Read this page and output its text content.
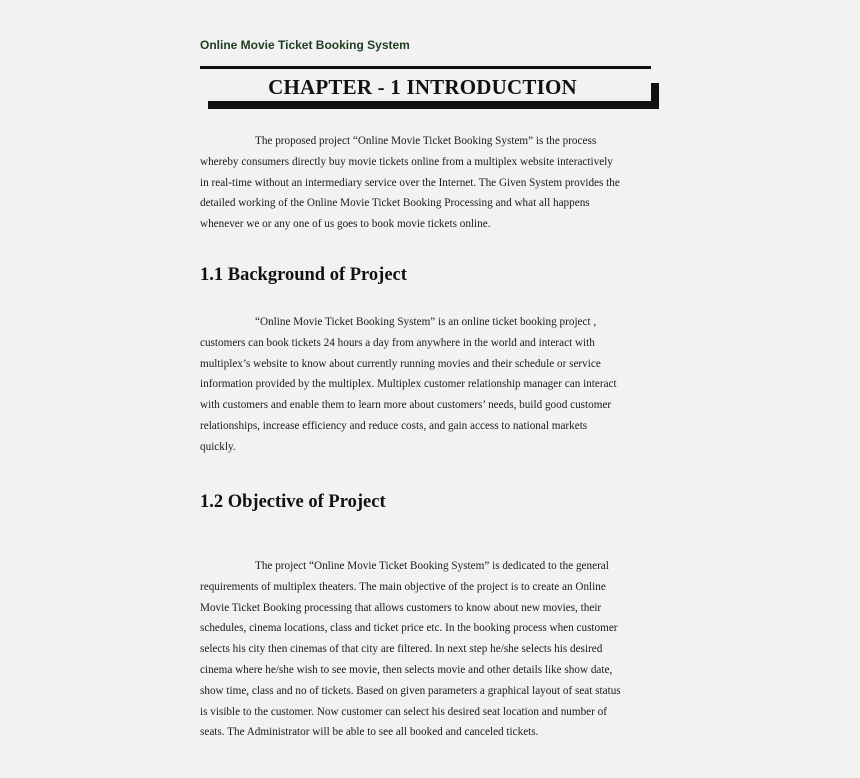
Online Movie Ticket Booking System
CHAPTER - 1 INTRODUCTION

The proposed project “Online Movie Ticket Booking System” is the process
whereby consumers directly buy movie tickets online from a multiplex website interactively
in real-time without an intermediary service over the Internet. The Given System provides the
detailed working of the Online Movie Ticket Booking Processing and what all happens
whenever we or any one of us goes to book movie tickets online.

1.1 Background of Project

“Online Movie Ticket Booking System” is an online ticket booking project ,
customers can book tickets 24 hours a day from anywhere in the world and interact with
multiplex’s website to know about currently running movies and their schedule or service
information provided by the multiplex. Multiplex customer relationship manager can interact
with customers and enable them to learn more about customers’ needs, build good customer
relationships, increase efficiency and reduce costs, and gain access to national markets
quickly.

1.2 Objective of Project

The project “Online Movie Ticket Booking System” is dedicated to the general
requirements of multiplex theaters. The main objective of the project is to create an Online
Movie Ticket Booking processing that allows customers to know about new movies, their
schedules, cinema locations, class and ticket price etc. In the booking process when customer
selects his city then cinemas of that city are filtered. In next step he/she selects his desired
cinema where he/she wish to see movie, then selects movie and other details like show date,
show time, class and no of tickets. Based on given parameters a graphical layout of seat status
is visible to the customer. Now customer can select his desired seat location and number of
seats. The Administrator will be able to see all booked and canceled tickets.
